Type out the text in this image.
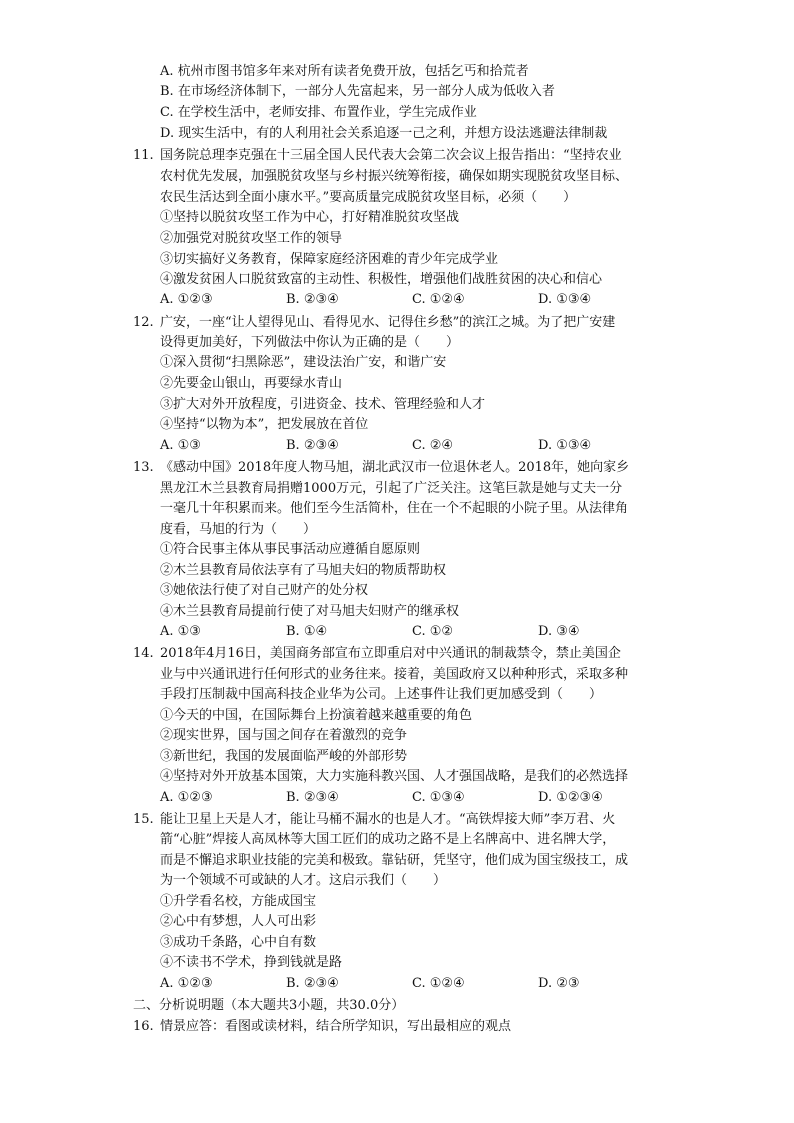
A. 杭州市图书馆多年来对所有读者免费开放，包括乞丐和拾荒者
B. 在市场经济体制下，一部分人先富起来，另一部分人成为低收入者
C. 在学校生活中，老师安排、布置作业，学生完成作业
D. 现实生活中，有的人利用社会关系追逐一己之利，并想方设法逃避法律制裁
11. 国务院总理李克强在十三届全国人民代表大会第二次会议上报告指出：“坚持农业
农村优先发展，加强脱贫攻坚与乡村振兴统筹衔接，确保如期实现脱贫攻坚目标、
农民生活达到全面小康水平。”要高质量完成脱贫攻坚目标，必须（　　）
①坚持以脱贫攻坚工作为中心，打好精准脱贫攻坚战
②加强党对脱贫攻坚工作的领导
③切实搞好义务教育，保障家庭经济困难的青少年完成学业
④激发贫困人口脱贫致富的主动性、积极性，增强他们战胜贫困的决心和信心
A. ①②③	B. ②③④	C. ①②④	D. ①③④
12. 广安，一座“让人望得见山、看得见水、记得住乡愁”的滨江之城。为了把广安建
设得更加美好，下列做法中你认为正确的是（　　）
①深入贯彻“扫黑除恶”，建设法治广安，和谐广安
②先要金山银山，再要绿水青山
③扩大对外开放程度，引进资金、技术、管理经验和人才
④坚持“以物为本”，把发展放在首位
A. ①③	B. ②③④	C. ②④	D. ①③④
13. 《感动中国》2018年度人物马旭，湖北武汉市一位退休老人。2018年，她向家乡
黑龙江木兰县教育局捐赠1000万元，引起了广泛关注。这笔巨款是她与丈夫一分
一毫几十年积累而来。他们至今生活简朴，住在一个不起眼的小院子里。从法律角
度看，马旭的行为（　　）
①符合民事主体从事民事活动应遵循自愿原则
②木兰县教育局依法享有了马旭夫妇的物质帮助权
③她依法行使了对自己财产的处分权
④木兰县教育局提前行使了对马旭夫妇财产的继承权
A. ①③	B. ①④	C. ①②	D. ③④
14. 2018年4月16日，美国商务部宣布立即重启对中兴通讯的制裁禁令，禁止美国企
业与中兴通讯进行任何形式的业务往来。接着，美国政府又以种种形式，采取多种
手段打压制裁中国高科技企业华为公司。上述事件让我们更加感受到（　　）
①今天的中国，在国际舞台上扮演着越来越重要的角色
②现实世界，国与国之间存在着激烈的竞争
③新世纪，我国的发展面临严峻的外部形势
④坚持对外开放基本国策，大力实施科教兴国、人才强国战略，是我们的必然选择
A. ①②③	B. ②③④	C. ①③④	D. ①②③④
15. 能让卫星上天是人才，能让马桶不漏水的也是人才。“高铁焊接大师”李万君、火
箭“心脏”焊接人高凤林等大国工匠们的成功之路不是上名牌高中、进名牌大学，
而是不懈追求职业技能的完美和极致。靠钻研，凭坚守，他们成为国宝级技工，成
为一个领域不可或缺的人才。这启示我们（　　）
①升学看名校，方能成国宝
②心中有梦想，人人可出彩
③成功千条路，心中自有数
④不读书不学术，挣到钱就是路
A. ①②③	B. ②③④	C. ①②④	D. ②③
二、分析说明题（本大题共3小题，共30.0分）
16. 情景应答：看图或读材料，结合所学知识，写出最相应的观点
